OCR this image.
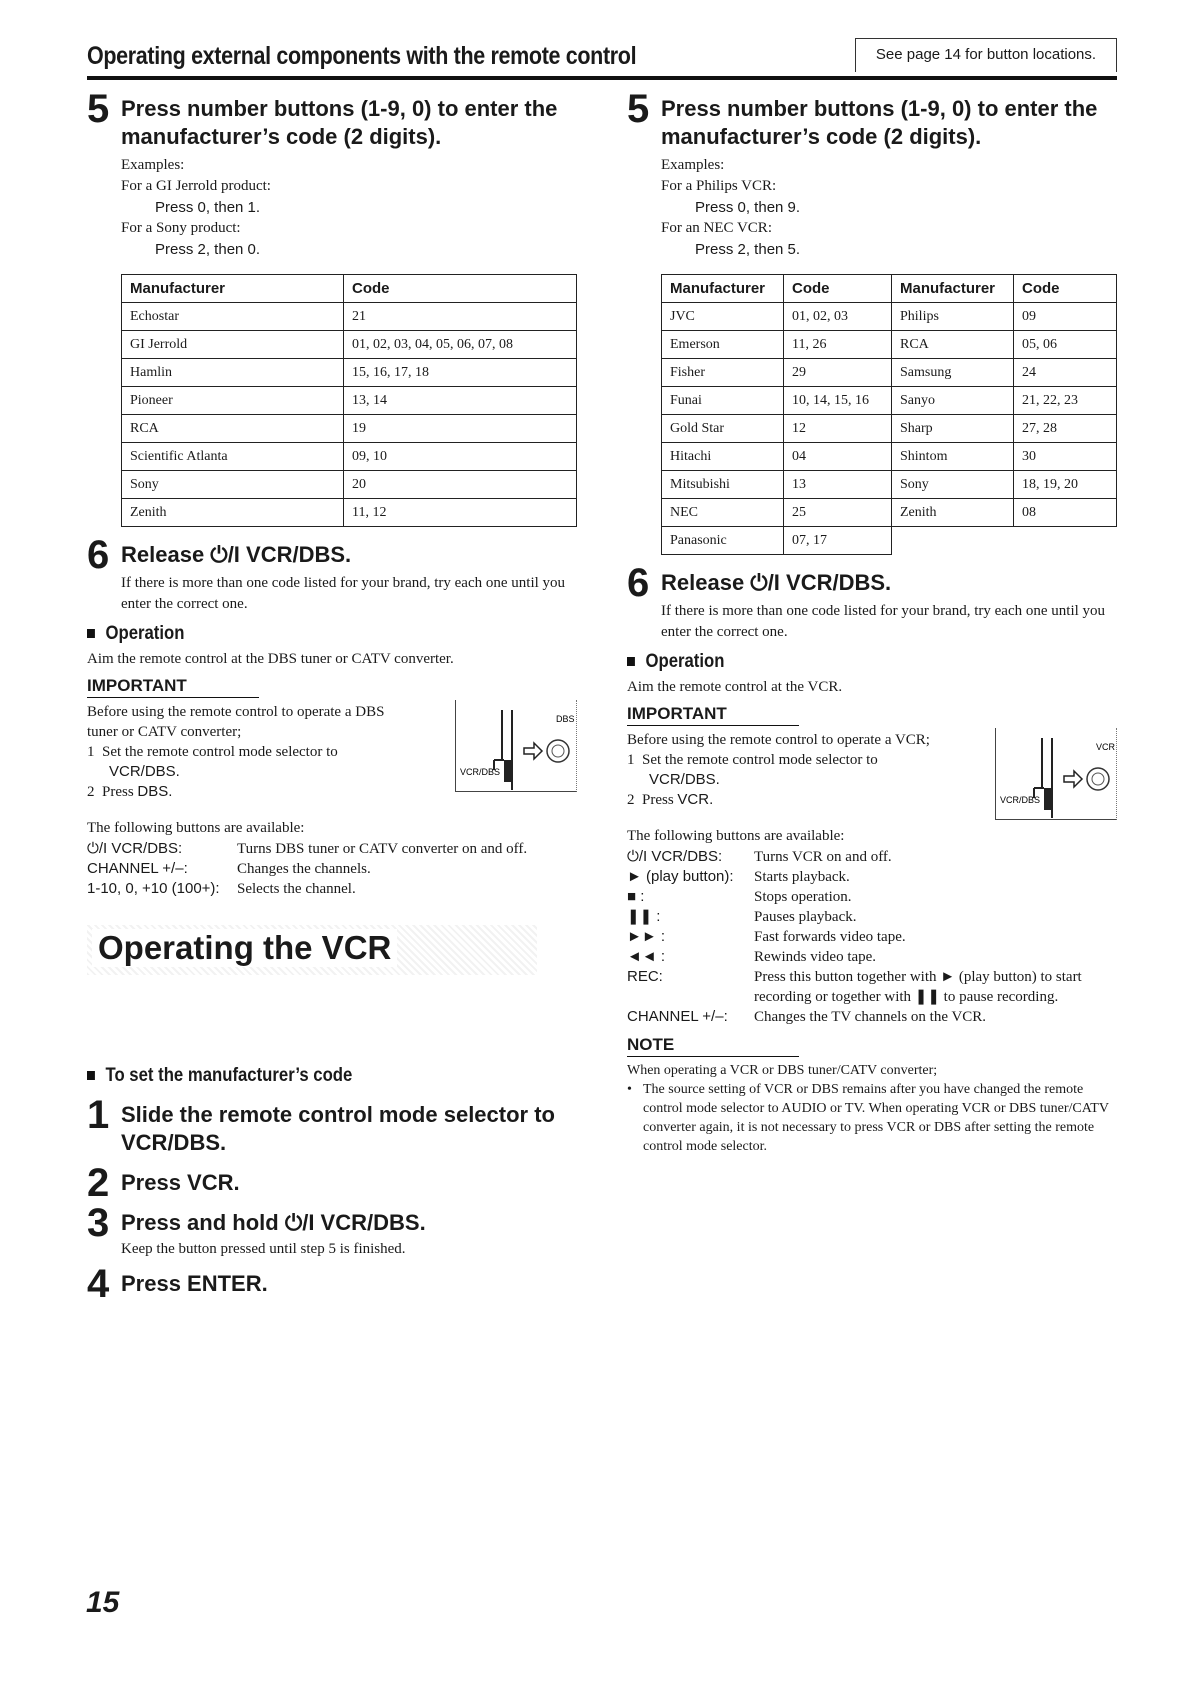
Operating external components with the remote control	See page 14 for button locations.
5 Press number buttons (1-9, 0) to enter the manufacturer’s code (2 digits).
Examples:
For a GI Jerrold product:
Press 0, then 1.
For a Sony product:
Press 2, then 0.
Manufacturer	Code
Echostar	21
GI Jerrold	01, 02, 03, 04, 05, 06, 07, 08
Hamlin	15, 16, 17, 18
Pioneer	13, 14
RCA	19
Scientific Atlanta	09, 10
Sony	20
Zenith	11, 12
6 Release ⏻/I VCR/DBS.
If there is more than one code listed for your brand, try each one until you enter the correct one.
Operation
Aim the remote control at the DBS tuner or CATV converter.
IMPORTANT
Before using the remote control to operate a DBS tuner or CATV converter;
1 Set the remote control mode selector to
VCR/DBS.
2 Press DBS.
DBS
VCR/DBS
The following buttons are available:
⏻/I VCR/DBS:	Turns DBS tuner or CATV converter on and off.
CHANNEL +/–:	Changes the channels.
1-10, 0, +10 (100+):	Selects the channel.
Operating the VCR
To set the manufacturer’s code
1 Slide the remote control mode selector to VCR/DBS.
2 Press VCR.
3 Press and hold ⏻/I VCR/DBS.
Keep the button pressed until step 5 is finished.
4 Press ENTER.
5 Press number buttons (1-9, 0) to enter the manufacturer’s code (2 digits).
Examples:
For a Philips VCR:
Press 0, then 9.
For an NEC VCR:
Press 2, then 5.
Manufacturer	Code	Manufacturer	Code
JVC	01, 02, 03	Philips	09
Emerson	11, 26	RCA	05, 06
Fisher	29	Samsung	24
Funai	10, 14, 15, 16	Sanyo	21, 22, 23
Gold Star	12	Sharp	27, 28
Hitachi	04	Shintom	30
Mitsubishi	13	Sony	18, 19, 20
NEC	25	Zenith	08
Panasonic	07, 17		
6 Release ⏻/I VCR/DBS.
If there is more than one code listed for your brand, try each one until you enter the correct one.
Operation
Aim the remote control at the VCR.
IMPORTANT
Before using the remote control to operate a VCR;
1 Set the remote control mode selector to
VCR/DBS.
2 Press VCR.
VCR
VCR/DBS
The following buttons are available:
⏻/I VCR/DBS:	Turns VCR on and off.
► (play button):	Starts playback.
■ :	Stops operation.
❚❚ :	Pauses playback.
►► :	Fast forwards video tape.
◄◄ :	Rewinds video tape.
REC:	Press this button together with ► (play button) to start recording or together with ❚❚ to pause recording.
CHANNEL +/–:	Changes the TV channels on the VCR.
NOTE
When operating a VCR or DBS tuner/CATV converter;
• The source setting of VCR or DBS remains after you have changed the remote control mode selector to AUDIO or TV. When operating VCR or DBS tuner/CATV converter again, it is not necessary to press VCR or DBS after setting the remote control mode selector.
15
